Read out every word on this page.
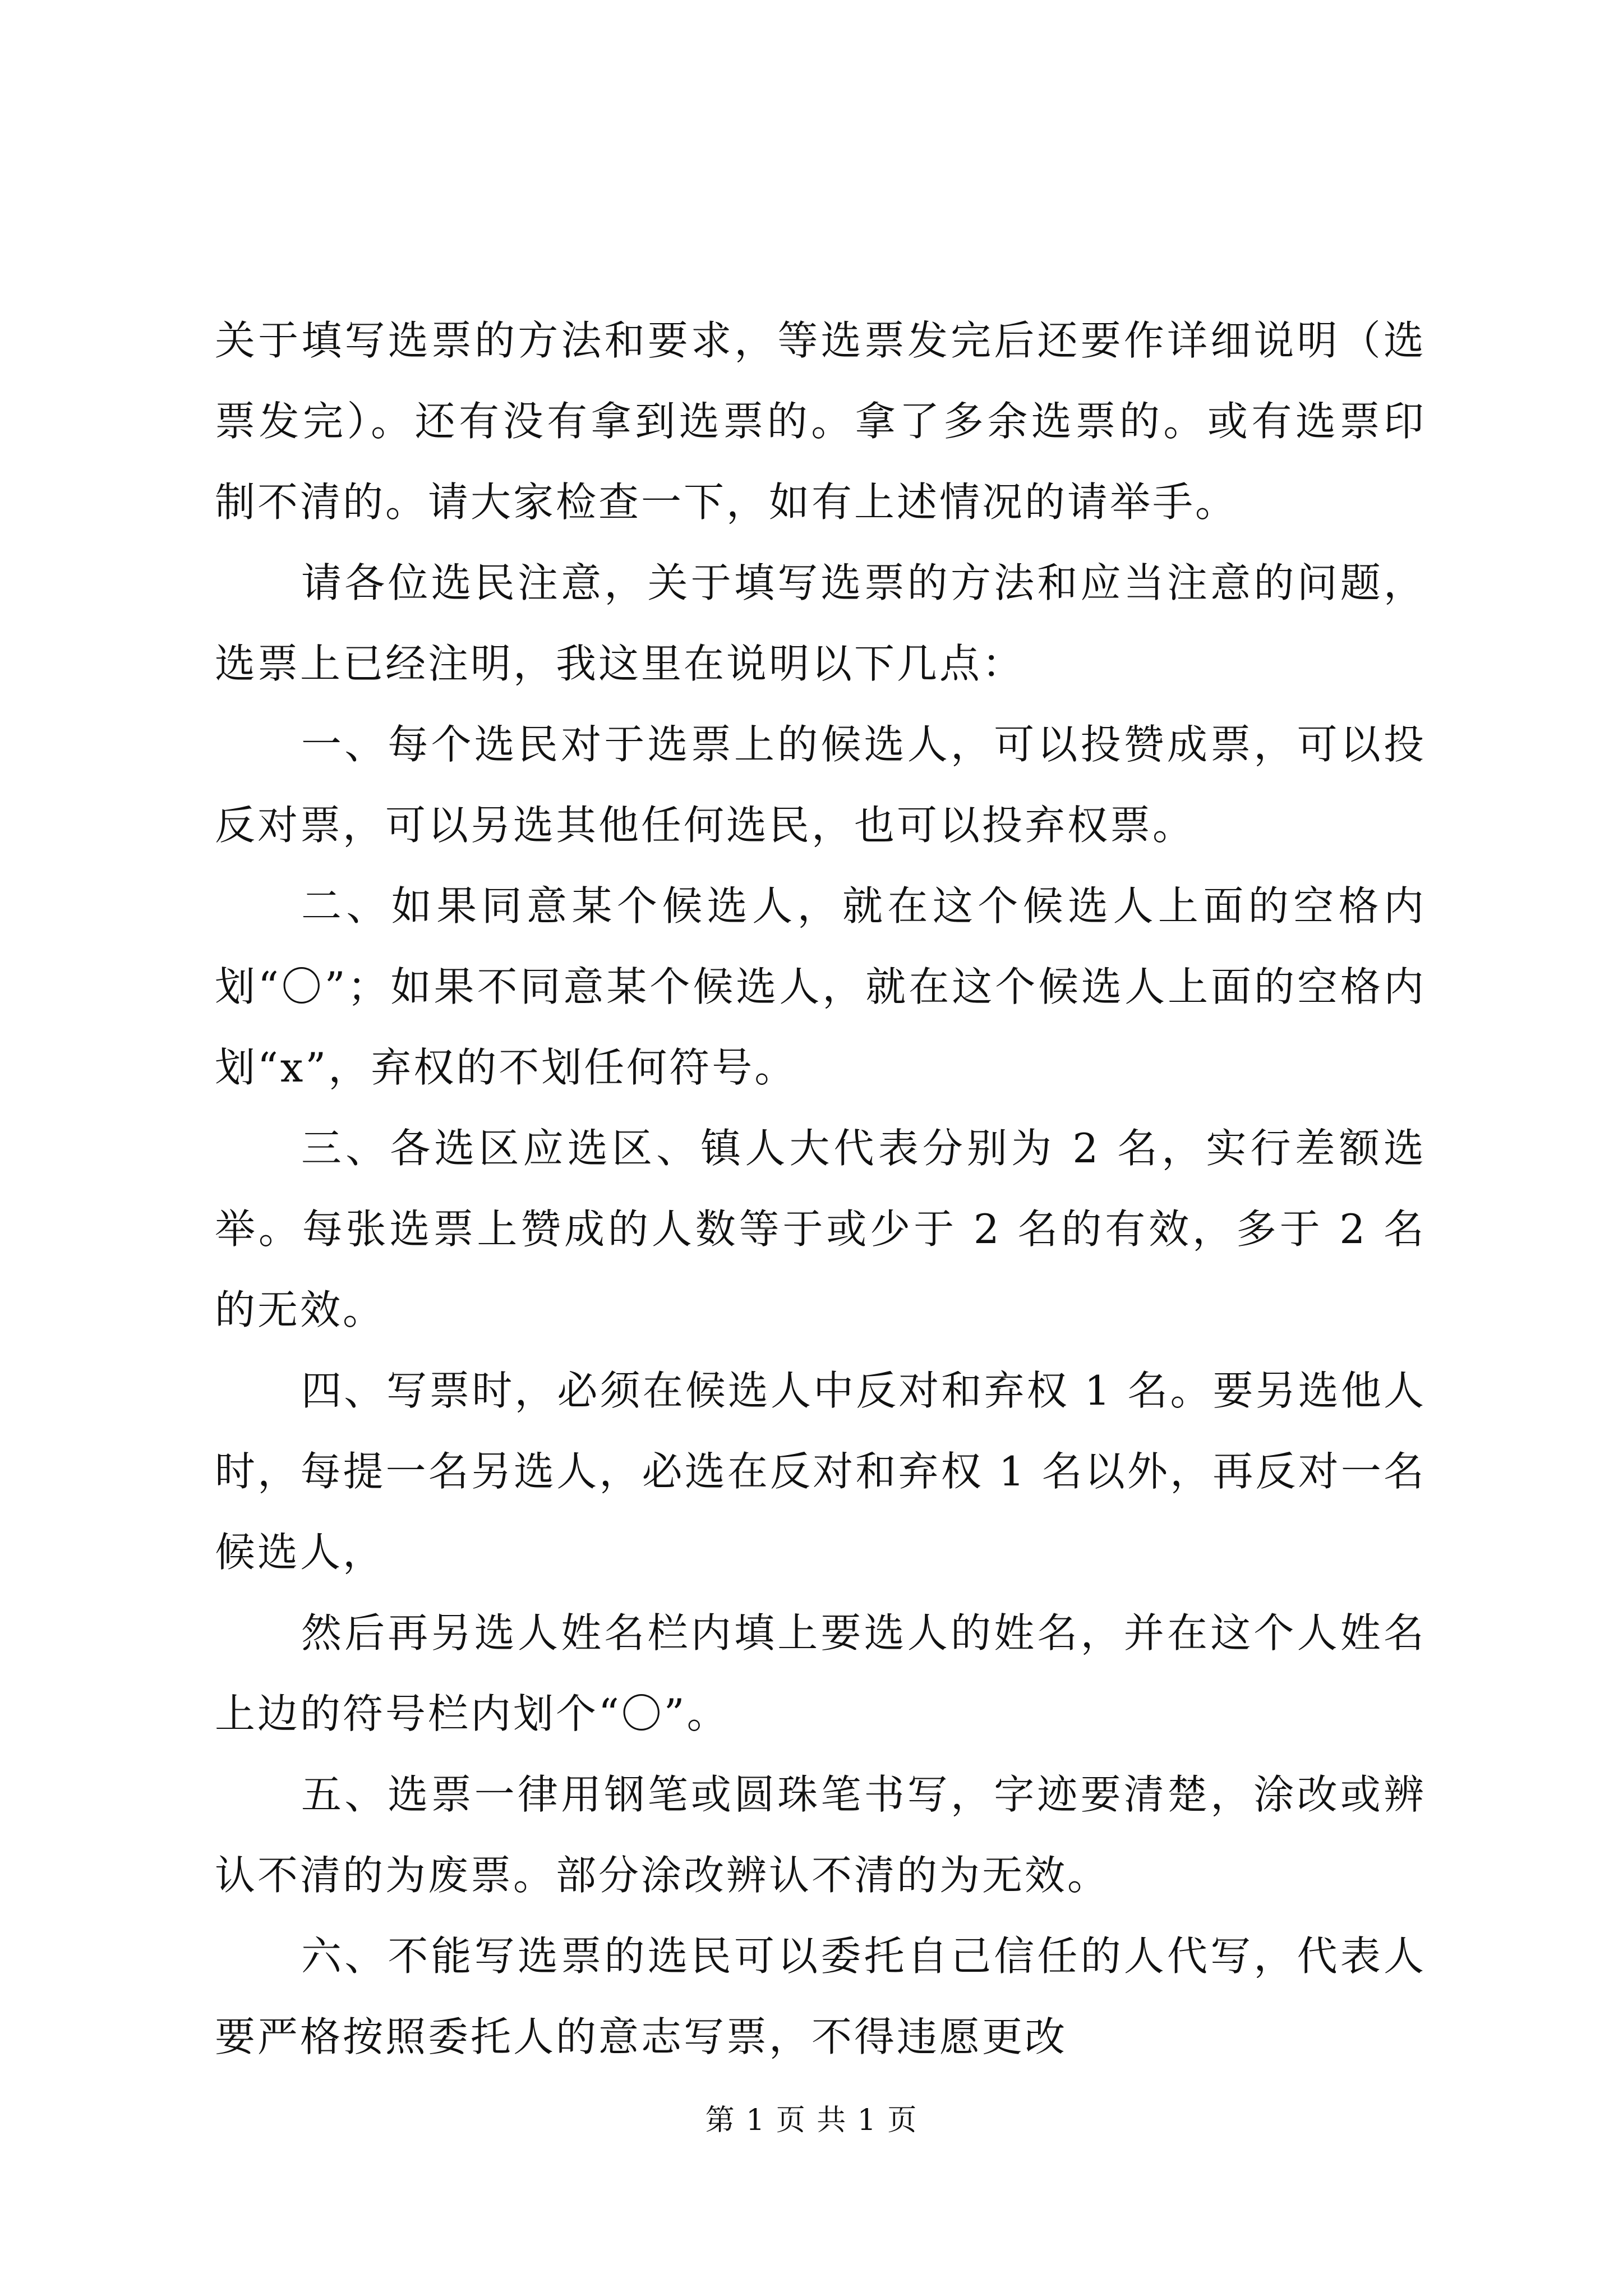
关于填写选票的方法和要求，等选票发完后还要作详细说明（选票发完）。还有没有拿到选票的。拿了多余选票的。或有选票印制不清的。请大家检查一下，如有上述情况的请举手。

请各位选民注意，关于填写选票的方法和应当注意的问题，选票上已经注明，我这里在说明以下几点：

一、每个选民对于选票上的候选人，可以投赞成票，可以投反对票，可以另选其他任何选民，也可以投弃权票。

二、如果同意某个候选人，就在这个候选人上面的空格内划“〇”；如果不同意某个候选人，就在这个候选人上面的空格内划“x”，弃权的不划任何符号。

三、各选区应选区、镇人大代表分别为 2 名，实行差额选举。每张选票上赞成的人数等于或少于 2 名的有效，多于 2 名的无效。

四、写票时，必须在候选人中反对和弃权 1 名。要另选他人时，每提一名另选人，必选在反对和弃权 1 名以外，再反对一名候选人，

然后再另选人姓名栏内填上要选人的姓名，并在这个人姓名上边的符号栏内划个“〇”。

五、选票一律用钢笔或圆珠笔书写，字迹要清楚，涂改或辨认不清的为废票。部分涂改辨认不清的为无效。

六、不能写选票的选民可以委托自己信任的人代写，代表人要严格按照委托人的意志写票，不得违愿更改

第 1 页 共 1 页
